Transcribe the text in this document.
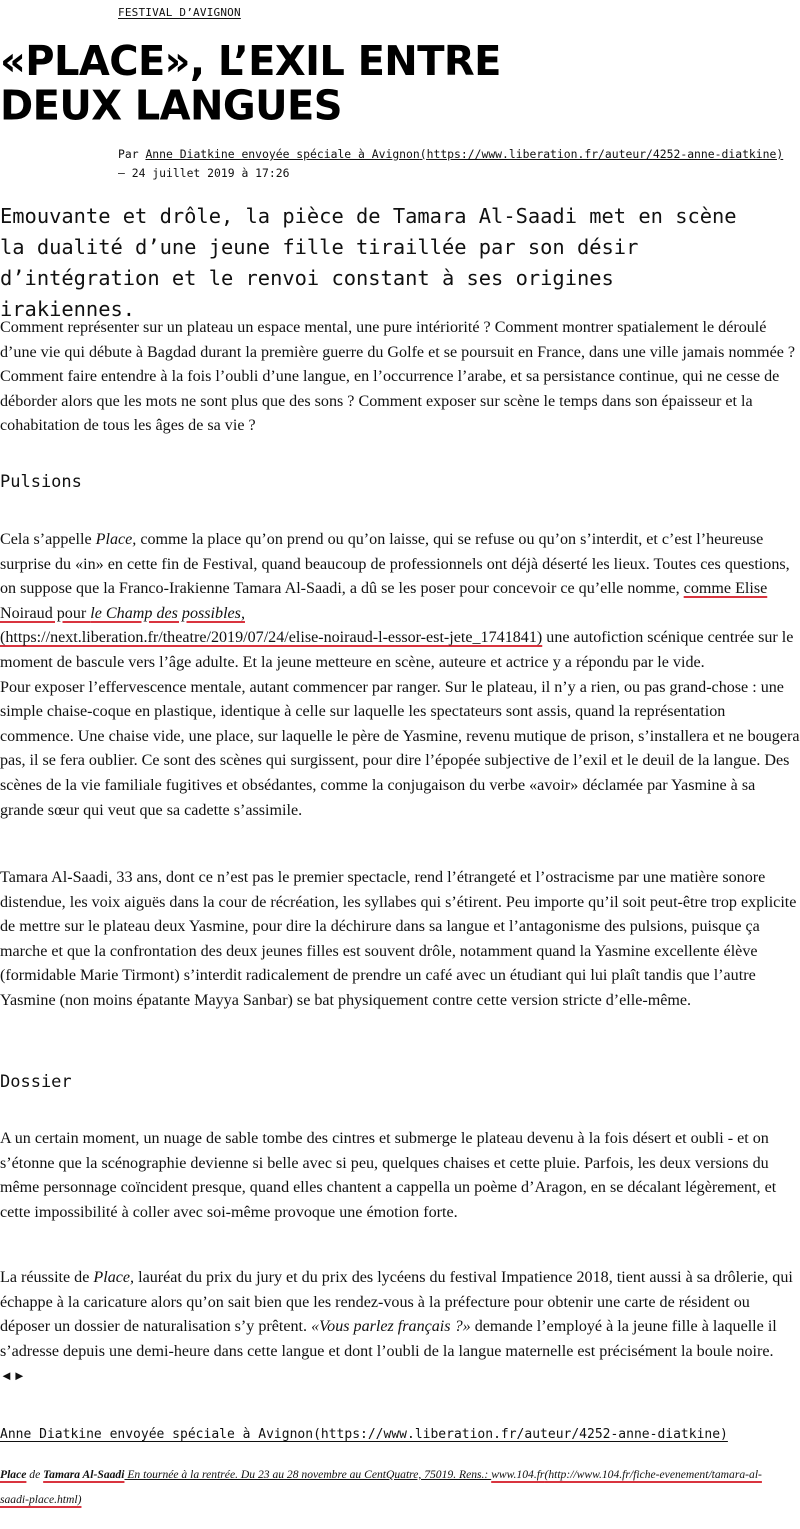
FESTIVAL D’AVIGNON
«PLACE», L’EXIL ENTRE
DEUX LANGUES
Par Anne Diatkine envoyée spéciale à Avignon(https://www.liberation.fr/auteur/4252-anne-diatkine)
— 24 juillet 2019 à 17:26

Emouvante et drôle, la pièce de Tamara Al-Saadi met en scène
la dualité d’une jeune fille tiraillée par son désir
d’intégration et le renvoi constant à ses origines irakiennes.

Comment représenter sur un plateau un espace mental, une pure intériorité ? Comment montrer spatialement le déroulé d’une vie qui débute à Bagdad durant la première guerre du Golfe et se poursuit en France, dans une ville jamais nommée ? Comment faire entendre à la fois l’oubli d’une langue, en l’occurrence l’arabe, et sa persistance continue, qui ne cesse de déborder alors que les mots ne sont plus que des sons ? Comment exposer sur scène le temps dans son épaisseur et la cohabitation de tous les âges de sa vie ?

Pulsions

Cela s’appelle Place, comme la place qu’on prend ou qu’on laisse, qui se refuse ou qu’on s’interdit, et c’est l’heureuse surprise du «in» en cette fin de Festival, quand beaucoup de professionnels ont déjà déserté les lieux. Toutes ces questions, on suppose que la Franco-Irakienne Tamara Al-Saadi, a dû se les poser pour concevoir ce qu’elle nomme, comme Elise Noiraud pour le Champ des possibles,
(https://next.liberation.fr/theatre/2019/07/24/elise-noiraud-l-essor-est-jete_1741841) une autofiction scénique centrée sur le moment de bascule vers l’âge adulte. Et la jeune metteure en scène, auteure et actrice y a répondu par le vide.
Pour exposer l’effervescence mentale, autant commencer par ranger. Sur le plateau, il n’y a rien, ou pas grand-chose : une simple chaise-coque en plastique, identique à celle sur laquelle les spectateurs sont assis, quand la représentation commence. Une chaise vide, une place, sur laquelle le père de Yasmine, revenu mutique de prison, s’installera et ne bougera pas, il se fera oublier. Ce sont des scènes qui surgissent, pour dire l’épopée subjective de l’exil et le deuil de la langue. Des scènes de la vie familiale fugitives et obsédantes, comme la conjugaison du verbe «avoir» déclamée par Yasmine à sa grande sœur qui veut que sa cadette s’assimile.

Tamara Al-Saadi, 33 ans, dont ce n’est pas le premier spectacle, rend l’étrangeté et l’ostracisme par une matière sonore distendue, les voix aiguës dans la cour de récréation, les syllabes qui s’étirent. Peu importe qu’il soit peut-être trop explicite de mettre sur le plateau deux Yasmine, pour dire la déchirure dans sa langue et l’antagonisme des pulsions, puisque ça marche et que la confrontation des deux jeunes filles est souvent drôle, notamment quand la Yasmine excellente élève (formidable Marie Tirmont) s’interdit radicalement de prendre un café avec un étudiant qui lui plaît tandis que l’autre Yasmine (non moins épatante Mayya Sanbar) se bat physiquement contre cette version stricte d’elle-même.

Dossier

A un certain moment, un nuage de sable tombe des cintres et submerge le plateau devenu à la fois désert et oubli - et on s’étonne que la scénographie devienne si belle avec si peu, quelques chaises et cette pluie. Parfois, les deux versions du même personnage coïncident presque, quand elles chantent a cappella un poème d’Aragon, en se décalant légèrement, et cette impossibilité à coller avec soi-même provoque une émotion forte.

La réussite de Place, lauréat du prix du jury et du prix des lycéens du festival Impatience 2018, tient aussi à sa drôlerie, qui échappe à la caricature alors qu’on sait bien que les rendez-vous à la préfecture pour obtenir une carte de résident ou déposer un dossier de naturalisation s’y prêtent. «Vous parlez français ?» demande l’employé à la jeune fille à laquelle il s’adresse depuis une demi-heure dans cette langue et dont l’oubli de la langue maternelle est précisément la boule noire. ◄►

Anne Diatkine envoyée spéciale à Avignon(https://www.liberation.fr/auteur/4252-anne-diatkine)

Place de Tamara Al-Saadi En tournée à la rentrée. Du 23 au 28 novembre au CentQuatre, 75019. Rens.: www.104.fr(http://www.104.fr/fiche-evenement/tamara-al-saadi-place.html)
